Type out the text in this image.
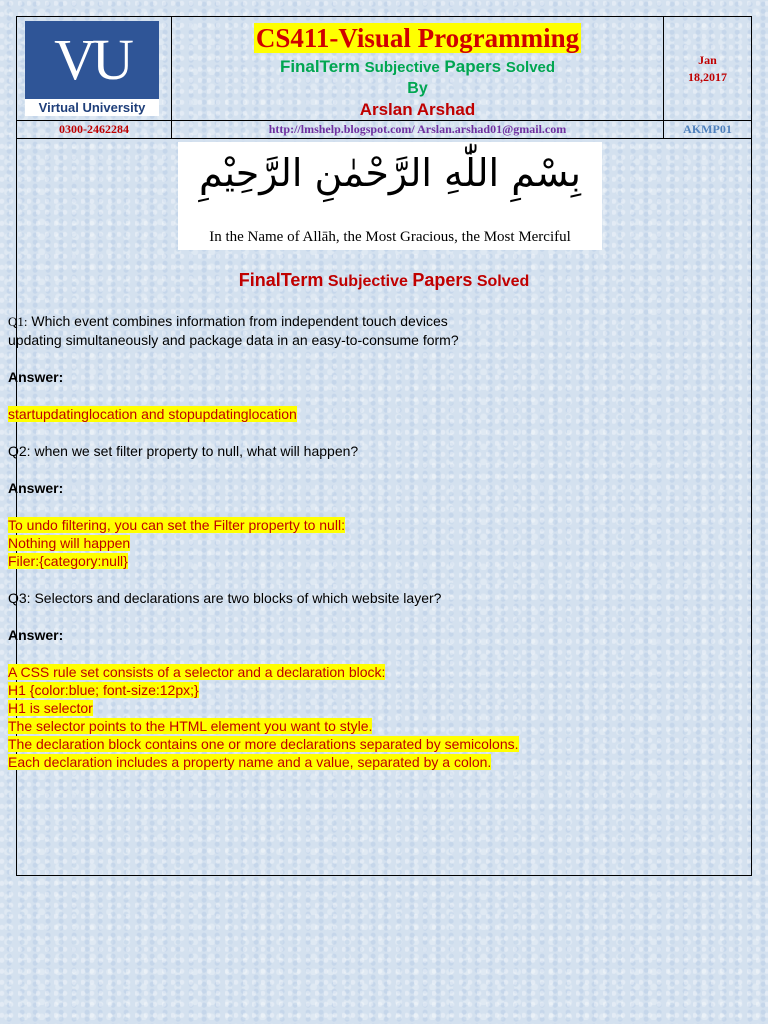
VU
Virtual University
CS411-Visual Programming
FinalTerm Subjective Papers Solved
By
Arslan Arshad
Jan
18,2017
0300-2462284	http://lmshelp.blogspot.com/ Arslan.arshad01@gmail.com	AKMP01
بِسْمِ اللّٰهِ الرَّحْمٰنِ الرَّحِيْمِ
In the Name of Allāh, the Most Gracious, the Most Merciful
FinalTerm Subjective Papers Solved

Q1: Which event combines information from independent touch devices

updating simultaneously and package data in an easy-to-consume form?

Answer:

startupdatinglocation and stopupdatinglocation

Q2: when we set filter property to null, what will happen?

Answer:

To undo filtering, you can set the Filter property to null:

Nothing will happen

Filer:{category:null}

Q3: Selectors and declarations are two blocks of which website layer?

Answer:

A CSS rule set consists of a selector and a declaration block:

H1 {color:blue; font-size:12px;}

H1 is selector

The selector points to the HTML element you want to style.

The declaration block contains one or more declarations separated by semicolons.

Each declaration includes a property name and a value, separated by a colon.
